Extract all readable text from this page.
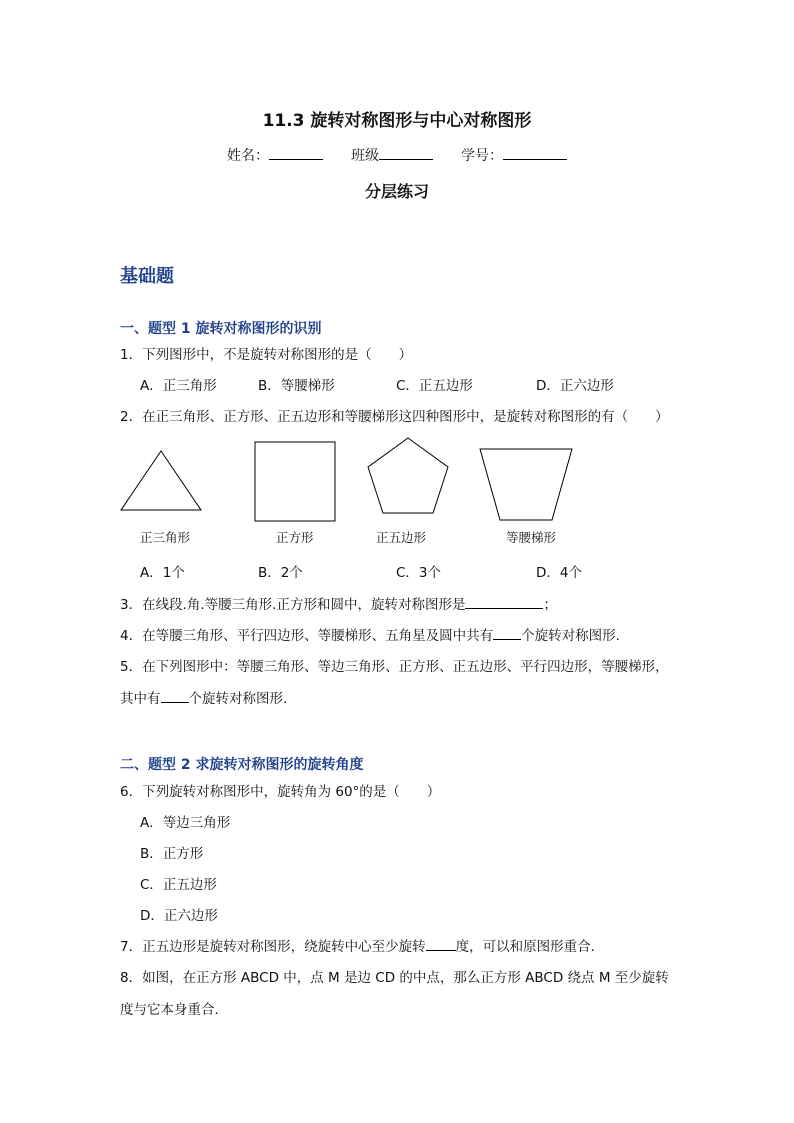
11.3 旋转对称图形与中心对称图形
姓名：	班级	学号：
分层练习
基础题
一、题型 1 旋转对称图形的识别
1．下列图形中，不是旋转对称图形的是（　　）
A．正三角形	B．等腰梯形	C．正五边形	D．正六边形
2．在正三角形、正方形、正五边形和等腰梯形这四种图形中，是旋转对称图形的有（　　）
正三角形	正方形	正五边形	等腰梯形
A．1个	B．2个	C．3个	D．4个
3．在线段.角.等腰三角形.正方形和圆中，旋转对称图形是	；
4．在等腰三角形、平行四边形、等腰梯形、五角星及圆中共有 个旋转对称图形.
5．在下列图形中：等腰三角形、等边三角形、正方形、正五边形、平行四边形，等腰梯形，
其中有 个旋转对称图形.
二、题型 2 求旋转对称图形的旋转角度
6．下列旋转对称图形中，旋转角为 60°的是（　　）
A．等边三角形
B．正方形
C．正五边形
D．正六边形
7．正五边形是旋转对称图形，绕旋转中心至少旋转 度，可以和原图形重合．
8．如图，在正方形 ABCD 中，点 M 是边 CD 的中点，那么正方形 ABCD 绕点 M 至少旋转
度与它本身重合．
